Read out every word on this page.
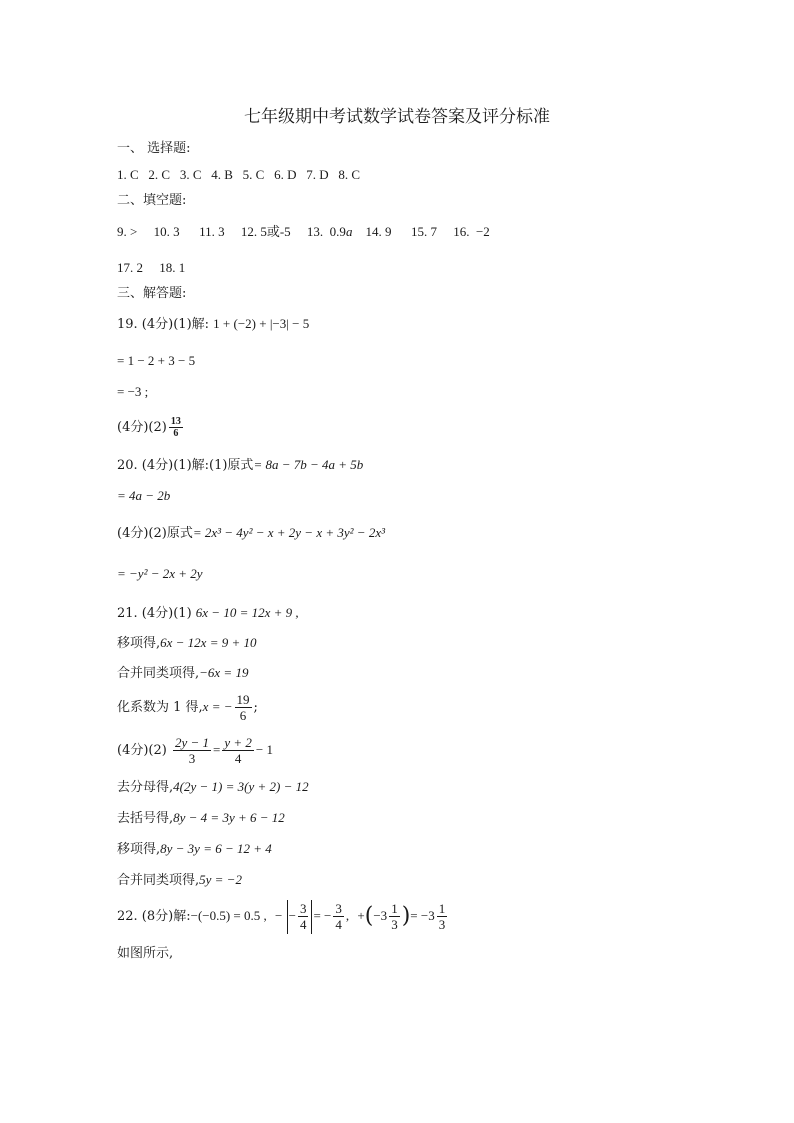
七年级期中考试数学试卷答案及评分标准
一、 选择题:
1. C   2. C   3. C   4. B   5. C   6. D   7. D   8. C
二、填空题:
9. >     10. 3      11. 3     12. 5或-5     13.  0.9a    14. 9      15. 7     16.  −2
17. 2     18. 1
三、解答题:
19. (4分)(1)解: 1 + (−2) + |−3| − 5
= 1 − 2 + 3 − 5
= −3 ;
(4分)$(2) \frac{13}{6}$
20. (4分)(1)解:(1)原式= 8a − 7b − 4a + 5b
= 4a − 2b
(4分)(2)原式= 2x³ − 4y² − x + 2y − x + 3y² − 2x³
= −y² − 2x + 2y
21. (4分)(1) 6x − 10 = 12x + 9 ,
移项得,6x − 12x = 9 + 10
合并同类项得,−6x = 19
化系数为 1 得,x = − $\frac{19}{6}$ ;
(4分)$(2) \frac{2y - 1}{3} = \frac{y + 2}{4} - 1$
去分母得,4(2y − 1) = 3(y + 2) − 12
去括号得,8y − 4 = 3y + 6 − 12
移项得,8y − 3y = 6 − 12 + 4
合并同类项得,5y = −2
22. (8分)解:−(−0.5) = 0.5 , − − $\frac{3}{4}$ = − $\frac{3}{4}$ , $+(-3 \frac{1}{3}$ )= $-3 \frac{1}{3}$
如图所示,
